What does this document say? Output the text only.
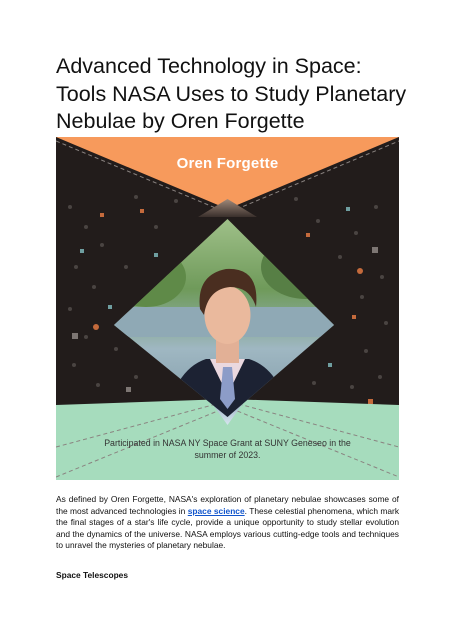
Advanced Technology in Space: Tools NASA Uses to Study Planetary Nebulae by Oren Forgette
Oren Forgette
Participated in NASA NY Space Grant at SUNY Geneseo in the summer of 2023.

As defined by Oren Forgette, NASA's exploration of planetary nebulae showcases some of the most advanced technologies in space science. These celestial phenomena, which mark the final stages of a star's life cycle, provide a unique opportunity to study stellar evolution and the dynamics of the universe. NASA employs various cutting-edge tools and techniques to unravel the mysteries of planetary nebulae.

Space Telescopes
